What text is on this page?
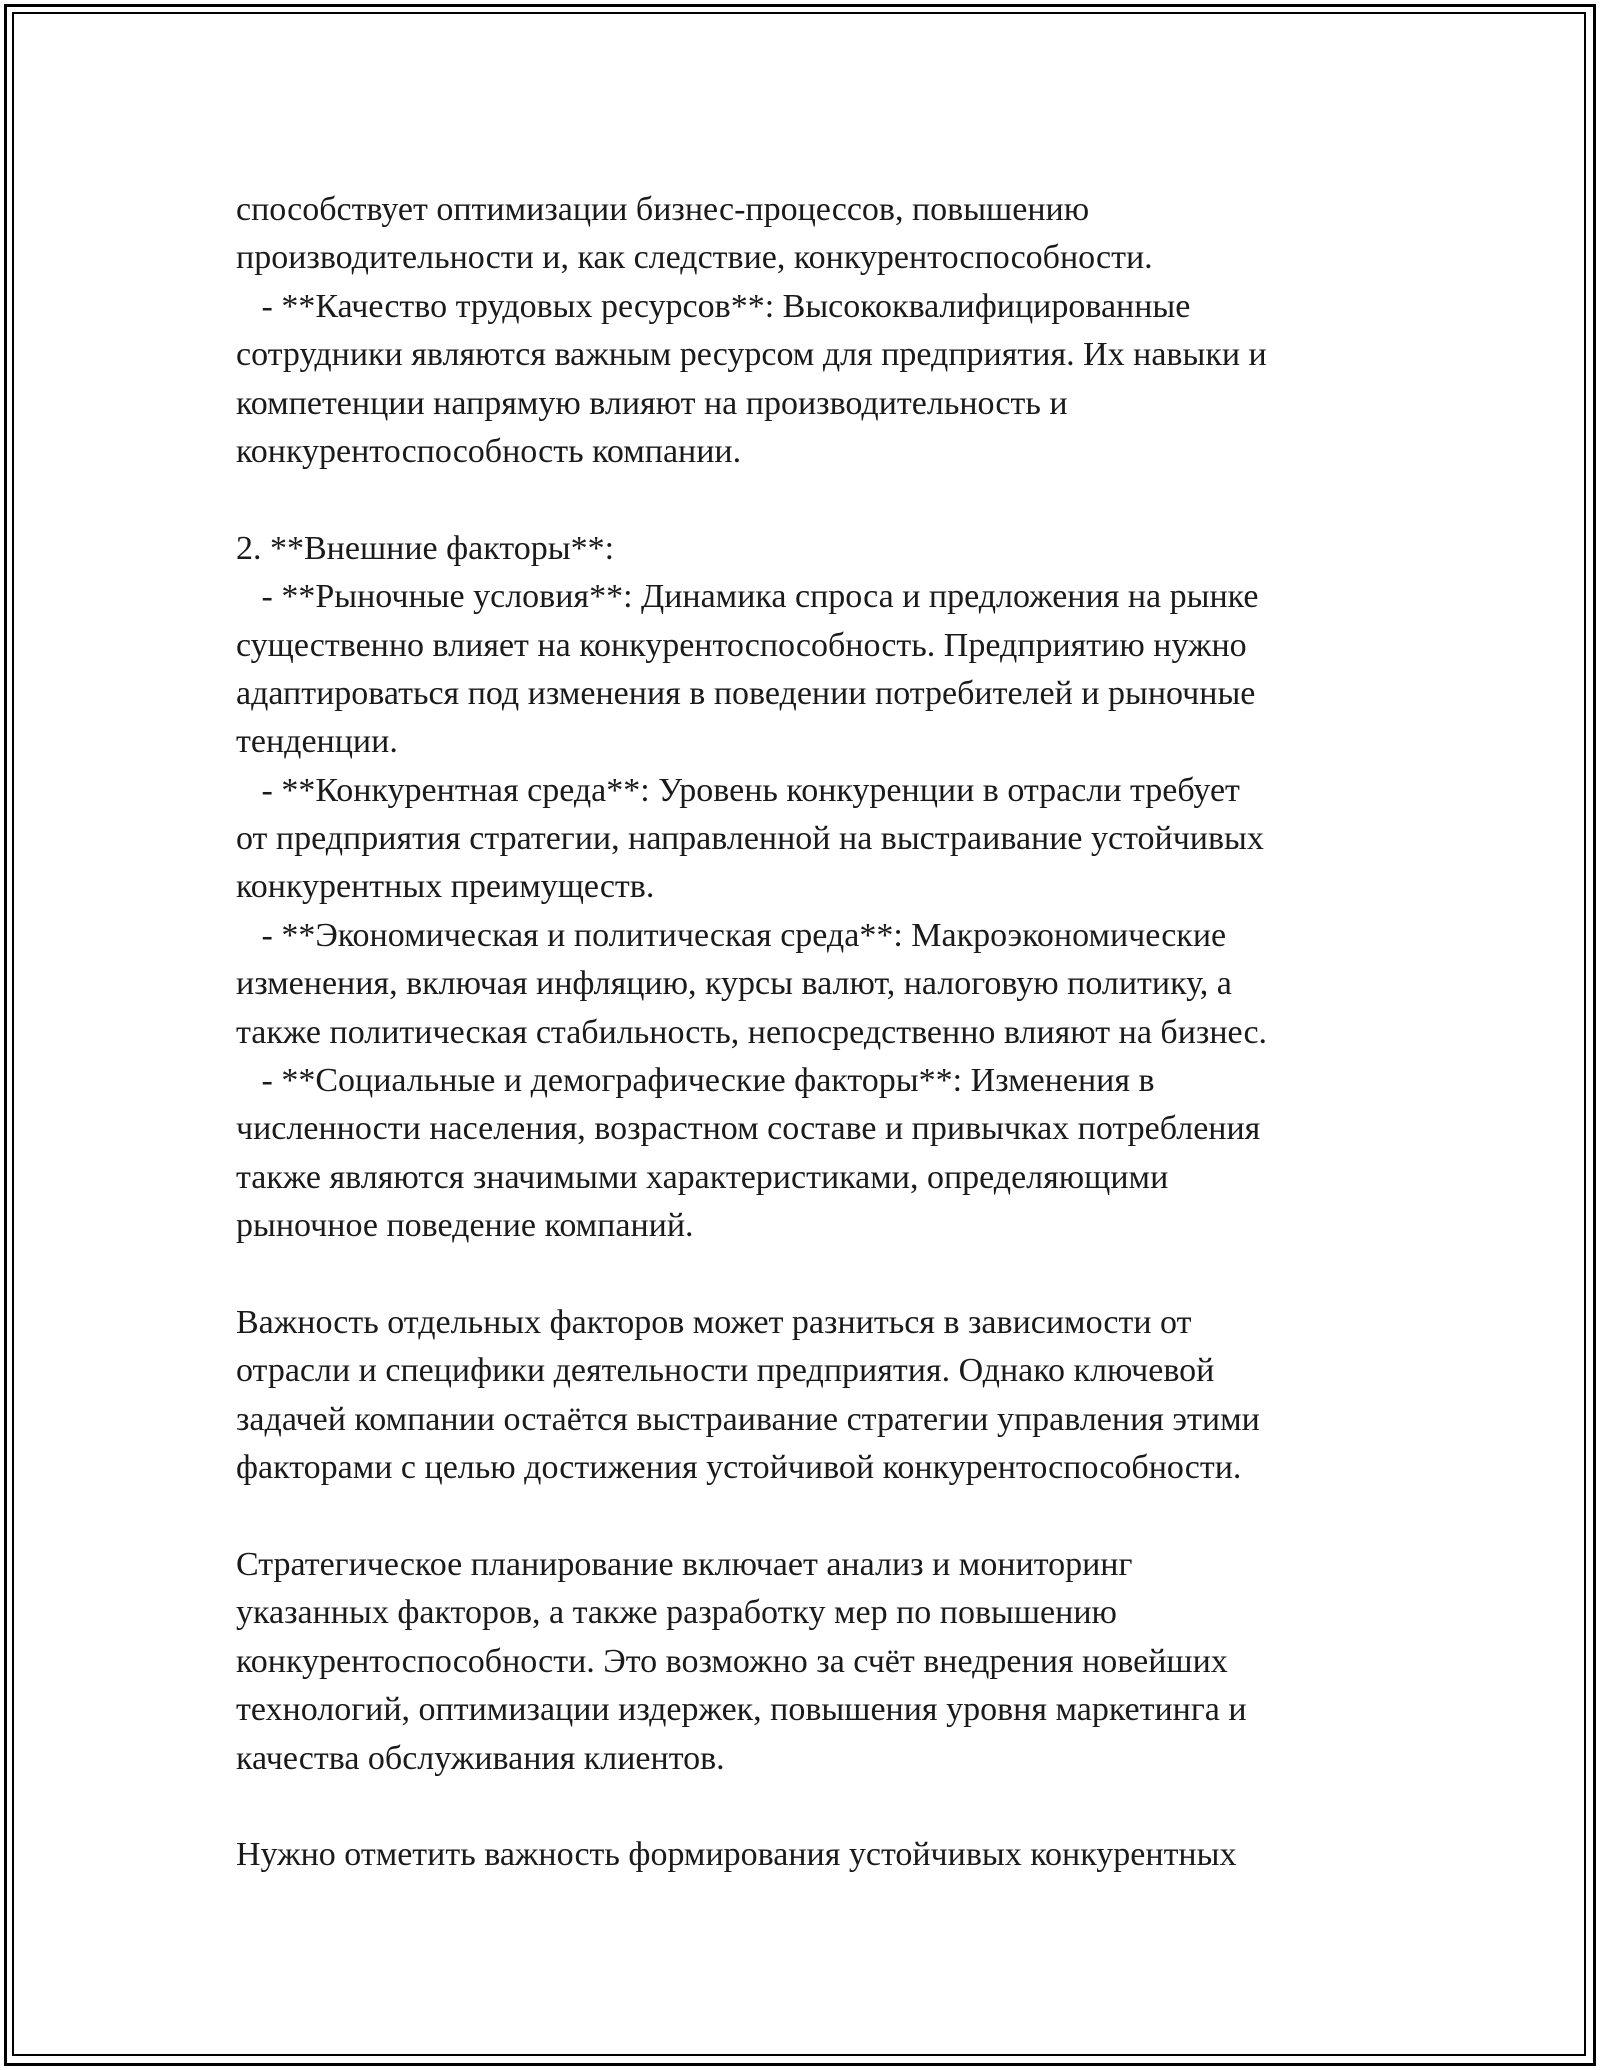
способствует оптимизации бизнес-процессов, повышению
производительности и, как следствие, конкурентоспособности.
- **Качество трудовых ресурсов**: Высококвалифицированные
сотрудники являются важным ресурсом для предприятия. Их навыки и
компетенции напрямую влияют на производительность и
конкурентоспособность компании.
2. **Внешние факторы**:
- **Рыночные условия**: Динамика спроса и предложения на рынке
существенно влияет на конкурентоспособность. Предприятию нужно
адаптироваться под изменения в поведении потребителей и рыночные
тенденции.
- **Конкурентная среда**: Уровень конкуренции в отрасли требует
от предприятия стратегии, направленной на выстраивание устойчивых
конкурентных преимуществ.
- **Экономическая и политическая среда**: Макроэкономические
изменения, включая инфляцию, курсы валют, налоговую политику, а
также политическая стабильность, непосредственно влияют на бизнес.
- **Социальные и демографические факторы**: Изменения в
численности населения, возрастном составе и привычках потребления
также являются значимыми характеристиками, определяющими
рыночное поведение компаний.
Важность отдельных факторов может разниться в зависимости от
отрасли и специфики деятельности предприятия. Однако ключевой
задачей компании остаётся выстраивание стратегии управления этими
факторами с целью достижения устойчивой конкурентоспособности.
Стратегическое планирование включает анализ и мониторинг
указанных факторов, а также разработку мер по повышению
конкурентоспособности. Это возможно за счёт внедрения новейших
технологий, оптимизации издержек, повышения уровня маркетинга и
качества обслуживания клиентов.
Нужно отметить важность формирования устойчивых конкурентных
